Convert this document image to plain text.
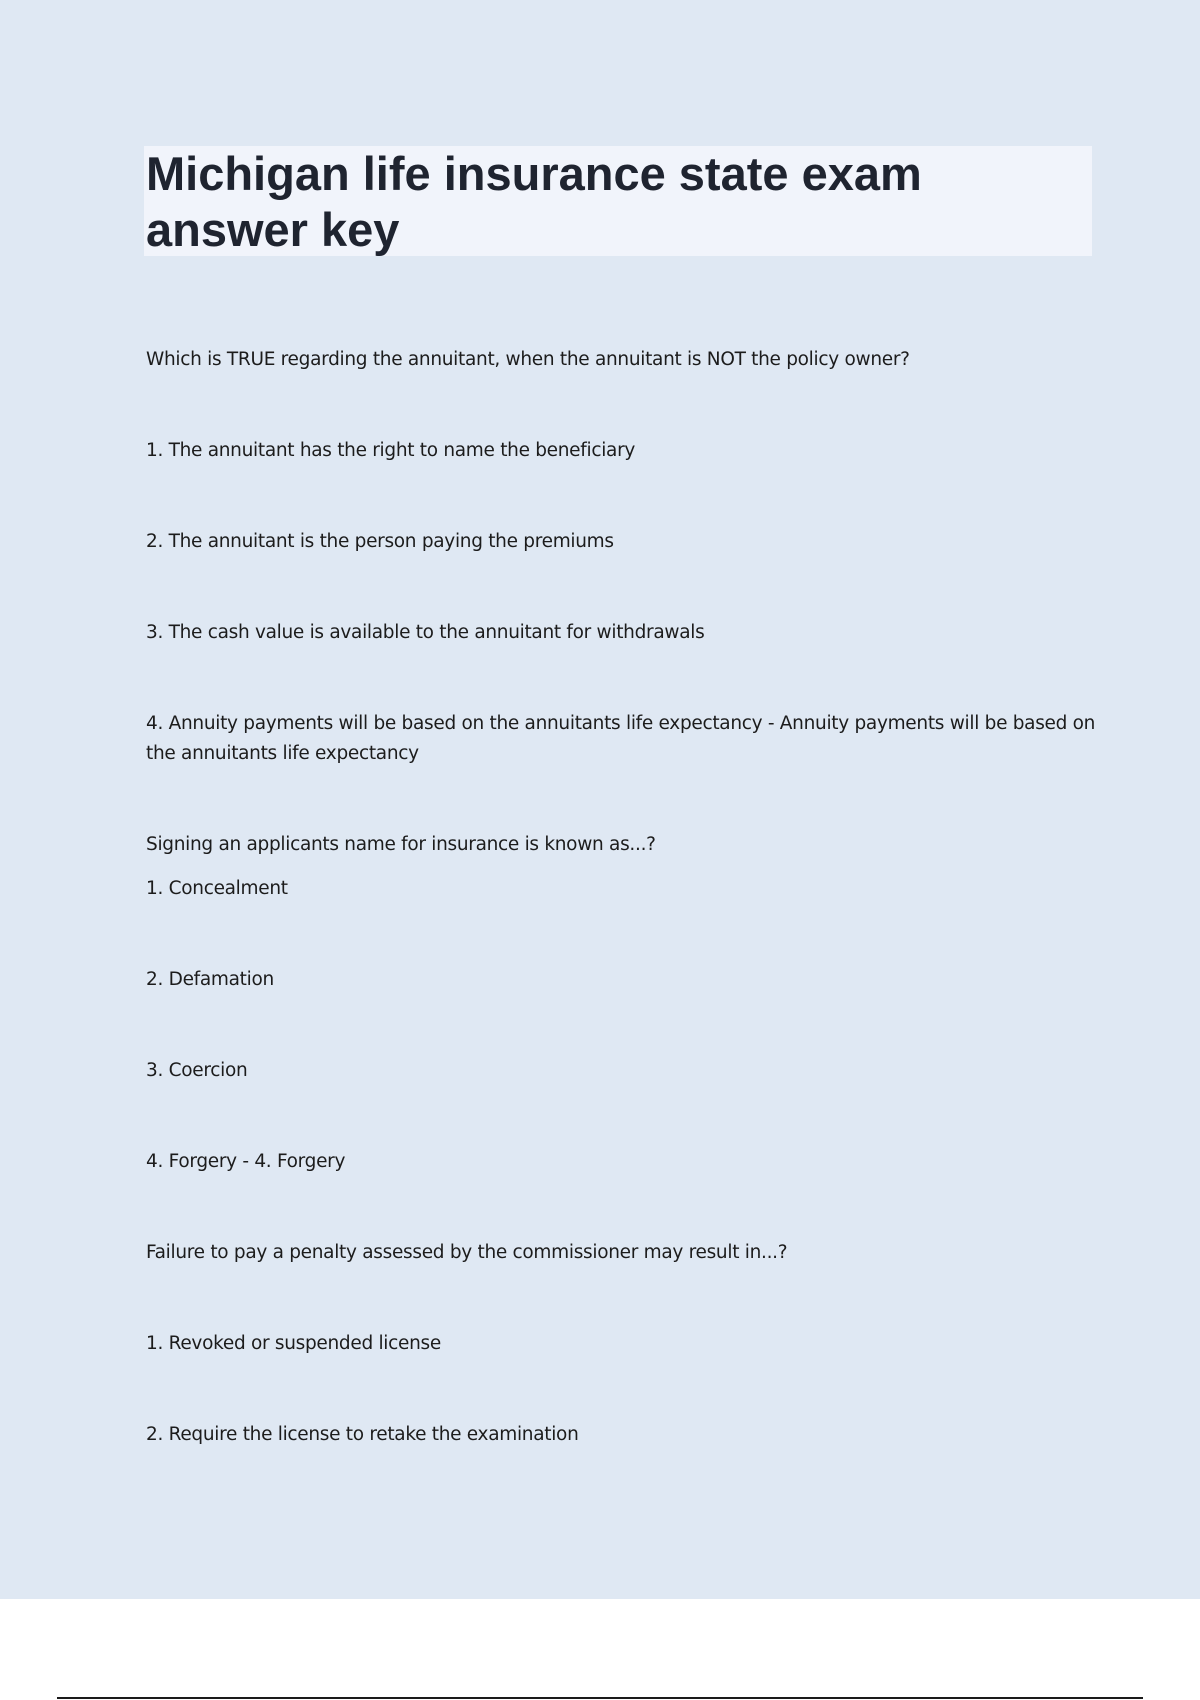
Michigan life insurance state exam answer key

Which is TRUE regarding the annuitant, when the annuitant is NOT the policy owner?

1. The annuitant has the right to name the beneficiary

2. The annuitant is the person paying the premiums

3. The cash value is available to the annuitant for withdrawals

4. Annuity payments will be based on the annuitants life expectancy - Annuity payments will be based on the annuitants life expectancy

Signing an applicants name for insurance is known as...?

1. Concealment

2. Defamation

3. Coercion

4. Forgery - 4. Forgery

Failure to pay a penalty assessed by the commissioner may result in...?

1. Revoked or suspended license

2. Require the license to retake the examination
